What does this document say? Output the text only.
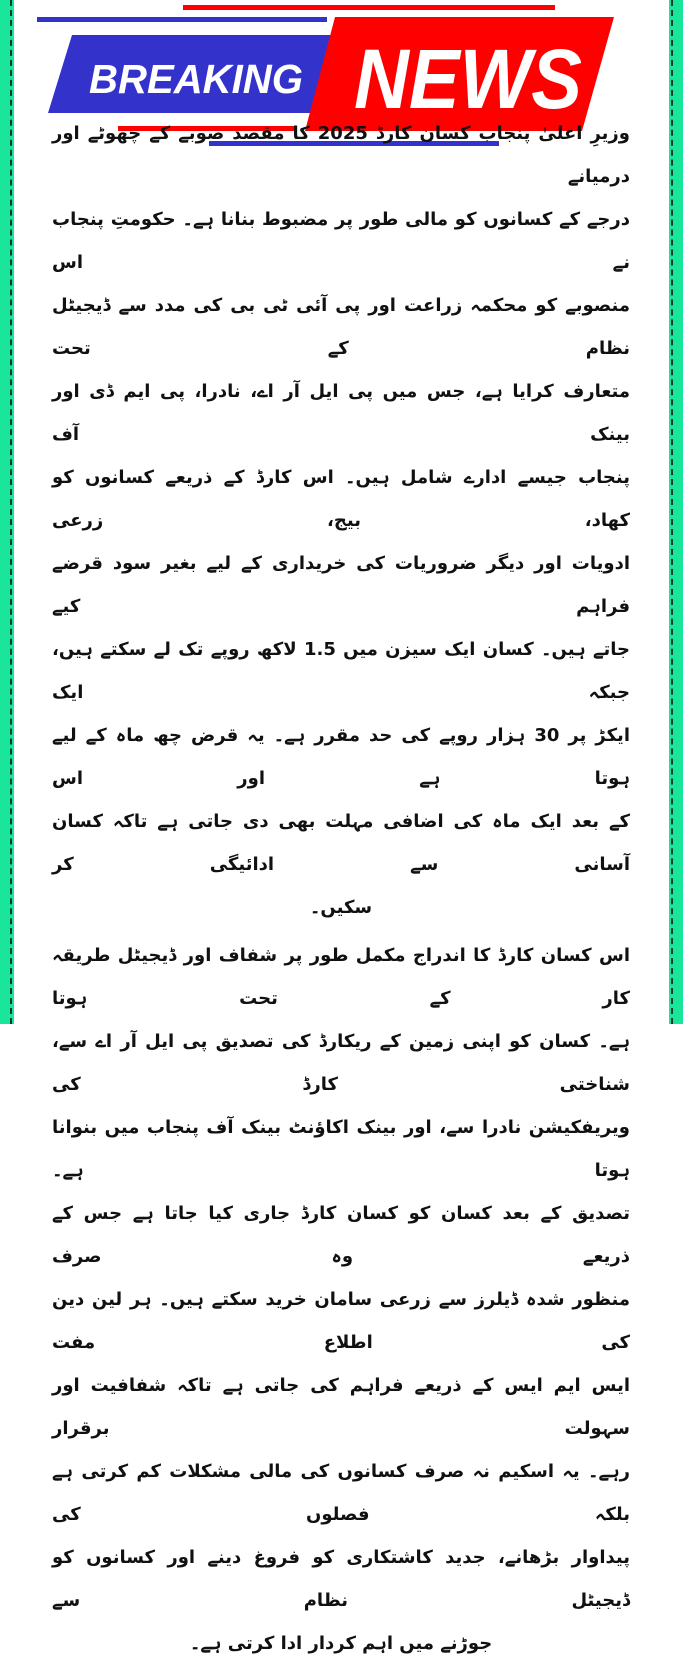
BREAKING NEWS
وزیرِ اعلیٰ پنجاب کسان کارڈ 2025 کا مقصد صوبے کے چھوٹے اور درمیانے
درجے کے کسانوں کو مالی طور پر مضبوط بنانا ہے۔ حکومتِ پنجاب نے اس
منصوبے کو محکمہ زراعت اور پی آئی ٹی بی کی مدد سے ڈیجیٹل نظام کے تحت
متعارف کرایا ہے، جس میں پی ایل آر اے، نادرا، پی ایم ڈی اور بینک آف
پنجاب جیسے ادارے شامل ہیں۔ اس کارڈ کے ذریعے کسانوں کو کھاد، بیج، زرعی
ادویات اور دیگر ضروریات کی خریداری کے لیے بغیر سود قرضے فراہم کیے
جاتے ہیں۔ کسان ایک سیزن میں 1.5 لاکھ روپے تک لے سکتے ہیں، جبکہ ایک
ایکڑ پر 30 ہزار روپے کی حد مقرر ہے۔ یہ قرض چھ ماہ کے لیے ہوتا ہے اور اس
کے بعد ایک ماہ کی اضافی مہلت بھی دی جاتی ہے تاکہ کسان آسانی سے ادائیگی کر
سکیں۔
اس کسان کارڈ کا اندراج مکمل طور پر شفاف اور ڈیجیٹل طریقہ کار کے تحت ہوتا
ہے۔ کسان کو اپنی زمین کے ریکارڈ کی تصدیق پی ایل آر اے سے، شناختی کارڈ کی
ویریفکیشن نادرا سے، اور بینک اکاؤنٹ بینک آف پنجاب میں بنوانا ہوتا ہے۔
تصدیق کے بعد کسان کو کسان کارڈ جاری کیا جاتا ہے جس کے ذریعے وہ صرف
منظور شدہ ڈیلرز سے زرعی سامان خرید سکتے ہیں۔ ہر لین دین کی اطلاع مفت
ایس ایم ایس کے ذریعے فراہم کی جاتی ہے تاکہ شفافیت اور سہولت برقرار
رہے۔ یہ اسکیم نہ صرف کسانوں کی مالی مشکلات کم کرتی ہے بلکہ فصلوں کی
پیداوار بڑھانے، جدید کاشتکاری کو فروغ دینے اور کسانوں کو ڈیجیٹل نظام سے
جوڑنے میں اہم کردار ادا کرتی ہے۔
